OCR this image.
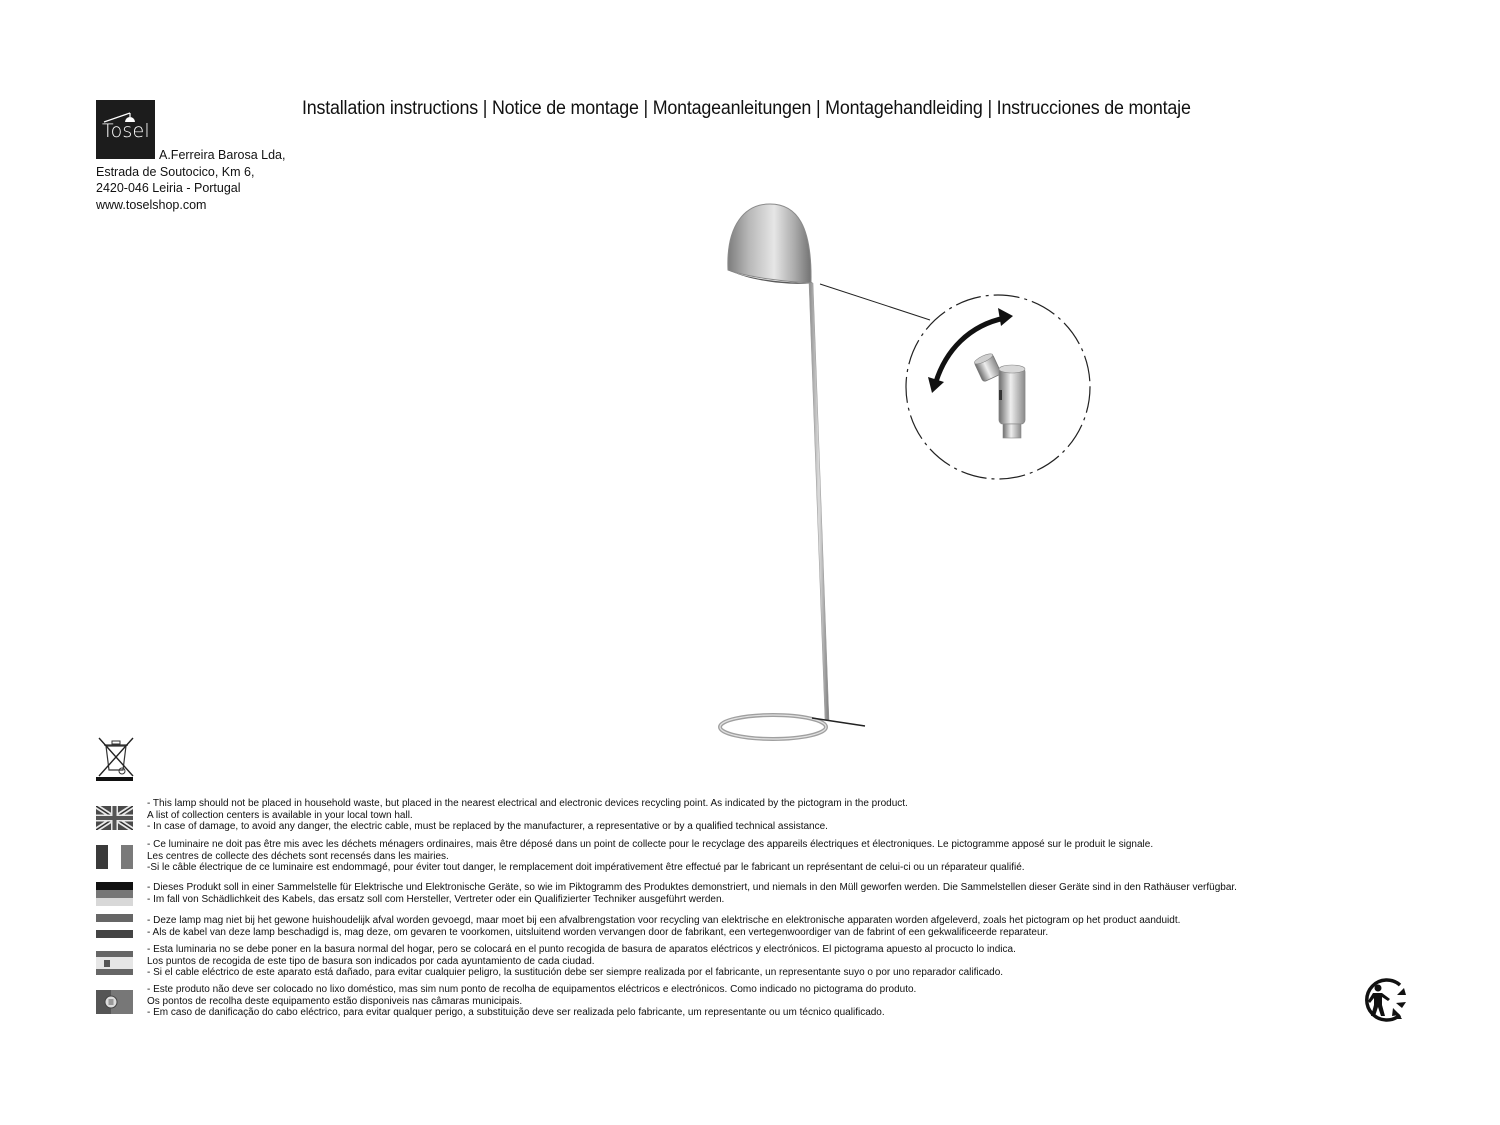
Tosel
A.Ferreira Barosa Lda,
Estrada de Soutocico, Km 6,
2420-046 Leiria - Portugal
www.toselshop.com
Installation instructions | Notice de montage | Montageanleitungen | Montagehandleiding | Instrucciones de montaje
- This lamp should not be placed in household waste, but placed in the nearest electrical and electronic devices recycling point. As indicated by the pictogram in the product.
A list of collection centers is available in your local town hall.
- In case of damage, to avoid any danger, the electric cable, must be replaced by the manufacturer, a representative or by a qualified technical assistance.
- Ce luminaire ne doit pas être mis avec les déchets ménagers ordinaires, mais être déposé dans un point de collecte pour le recyclage des appareils électriques et électroniques. Le pictogramme apposé sur le produit le signale.
Les centres de collecte des déchets sont recensés dans les mairies.
-Si le câble électrique de ce luminaire est endommagé, pour éviter tout danger, le remplacement doit impérativement être effectué par le fabricant un représentant de celui-ci ou un réparateur qualifié.
- Dieses Produkt soll in einer Sammelstelle für Elektrische und Elektronische Geräte, so wie im Piktogramm des Produktes demonstriert, und niemals in den Müll geworfen werden. Die Sammelstellen dieser Geräte sind in den Rathäuser verfügbar.
- Im fall von Schädlichkeit des Kabels, das ersatz soll com Hersteller, Vertreter oder ein Qualifizierter Techniker ausgeführt werden.
- Deze lamp mag niet bij het gewone huishoudelijk afval worden gevoegd, maar moet bij een afvalbrengstation voor recycling van elektrische en elektronische apparaten worden afgeleverd, zoals het pictogram op het product aanduidt.
- Als de kabel van deze lamp beschadigd is, mag deze, om gevaren te voorkomen, uitsluitend worden vervangen door de fabrikant, een vertegenwoordiger van de fabrint of een gekwalificeerde reparateur.
- Esta luminaria no se debe poner en la basura normal del hogar, pero se colocará en el punto recogida de basura de aparatos eléctricos y electrónicos. El pictograma apuesto al procucto lo indica.
Los puntos de recogida de este tipo de basura son indicados por cada ayuntamiento de cada ciudad.
- Si el cable eléctrico de este aparato está dañado, para evitar cualquier peligro, la sustitución debe ser siempre realizada por el fabricante, un representante suyo o por uno reparador calificado.
- Este produto não deve ser colocado no lixo doméstico, mas sim num ponto de recolha de equipamentos eléctricos e electrónicos. Como indicado no pictograma do produto.
Os pontos de recolha deste equipamento estão disponiveis nas câmaras municipais.
- Em caso de danificação do cabo eléctrico, para evitar qualquer perigo, a substituição deve ser realizada pelo fabricante, um representante ou um técnico qualificado.
